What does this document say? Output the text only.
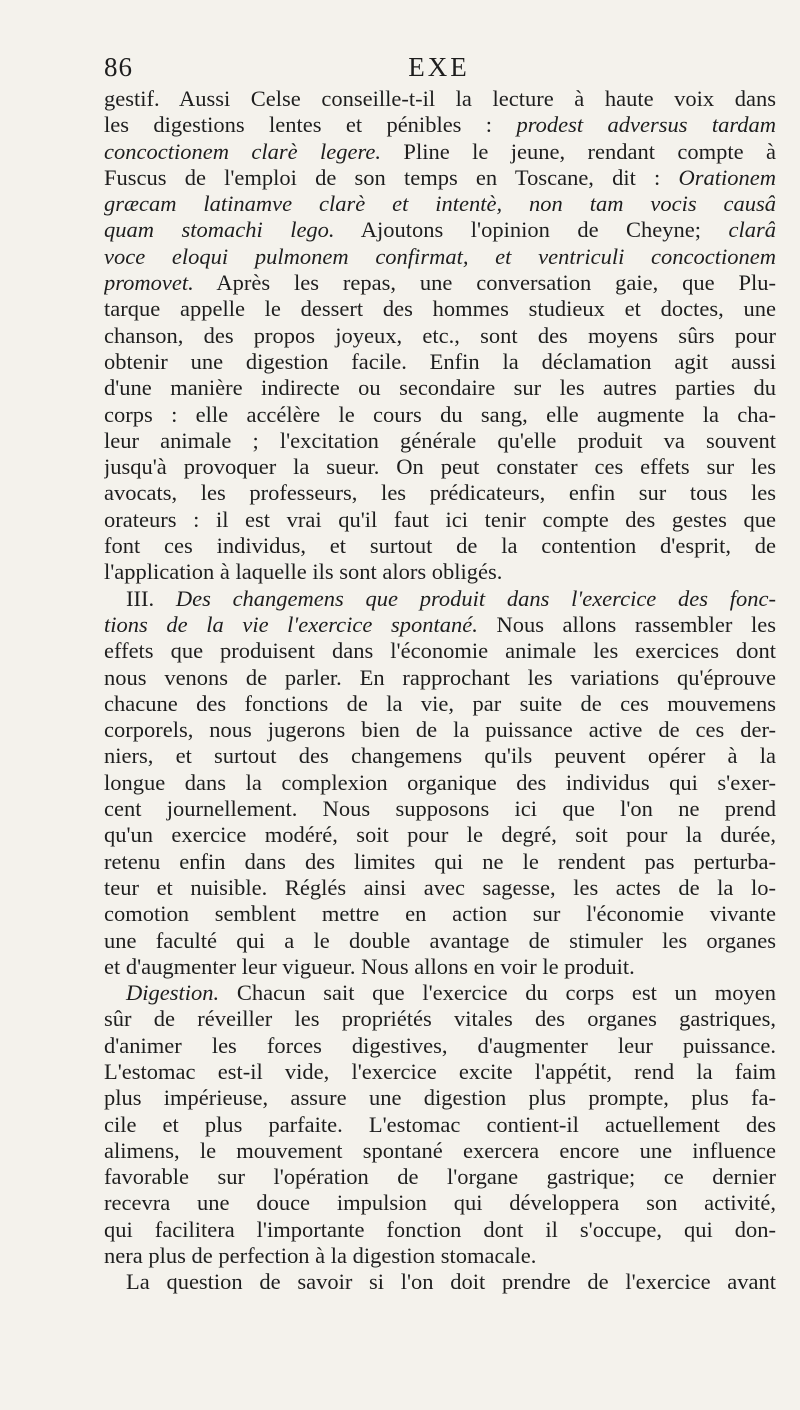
86	EXE
gestif. Aussi Celse conseille-t-il la lecture à haute voix dans
les digestions lentes et pénibles : prodest adversus tardam
concoctionem clarè legere. Pline le jeune, rendant compte à
Fuscus de l'emploi de son temps en Toscane, dit : Orationem
græcam latinamve clarè et intentè, non tam vocis causâ
quam stomachi lego. Ajoutons l'opinion de Cheyne; clarâ
voce eloqui pulmonem confirmat, et ventriculi concoctionem
promovet. Après les repas, une conversation gaie, que Plu-
tarque appelle le dessert des hommes studieux et doctes, une
chanson, des propos joyeux, etc., sont des moyens sûrs pour
obtenir une digestion facile. Enfin la déclamation agit aussi
d'une manière indirecte ou secondaire sur les autres parties du
corps : elle accélère le cours du sang, elle augmente la cha-
leur animale ; l'excitation générale qu'elle produit va souvent
jusqu'à provoquer la sueur. On peut constater ces effets sur les
avocats, les professeurs, les prédicateurs, enfin sur tous les
orateurs : il est vrai qu'il faut ici tenir compte des gestes que
font ces individus, et surtout de la contention d'esprit, de
l'application à laquelle ils sont alors obligés.
III. Des changemens que produit dans l'exercice des fonc-
tions de la vie l'exercice spontané. Nous allons rassembler les
effets que produisent dans l'économie animale les exercices dont
nous venons de parler. En rapprochant les variations qu'éprouve
chacune des fonctions de la vie, par suite de ces mouvemens
corporels, nous jugerons bien de la puissance active de ces der-
niers, et surtout des changemens qu'ils peuvent opérer à la
longue dans la complexion organique des individus qui s'exer-
cent journellement. Nous supposons ici que l'on ne prend
qu'un exercice modéré, soit pour le degré, soit pour la durée,
retenu enfin dans des limites qui ne le rendent pas perturba-
teur et nuisible. Réglés ainsi avec sagesse, les actes de la lo-
comotion semblent mettre en action sur l'économie vivante
une faculté qui a le double avantage de stimuler les organes
et d'augmenter leur vigueur. Nous allons en voir le produit.
Digestion. Chacun sait que l'exercice du corps est un moyen
sûr de réveiller les propriétés vitales des organes gastriques,
d'animer les forces digestives, d'augmenter leur puissance.
L'estomac est-il vide, l'exercice excite l'appétit, rend la faim
plus impérieuse, assure une digestion plus prompte, plus fa-
cile et plus parfaite. L'estomac contient-il actuellement des
alimens, le mouvement spontané exercera encore une influence
favorable sur l'opération de l'organe gastrique; ce dernier
recevra une douce impulsion qui développera son activité,
qui facilitera l'importante fonction dont il s'occupe, qui don-
nera plus de perfection à la digestion stomacale.
La question de savoir si l'on doit prendre de l'exercice avant
